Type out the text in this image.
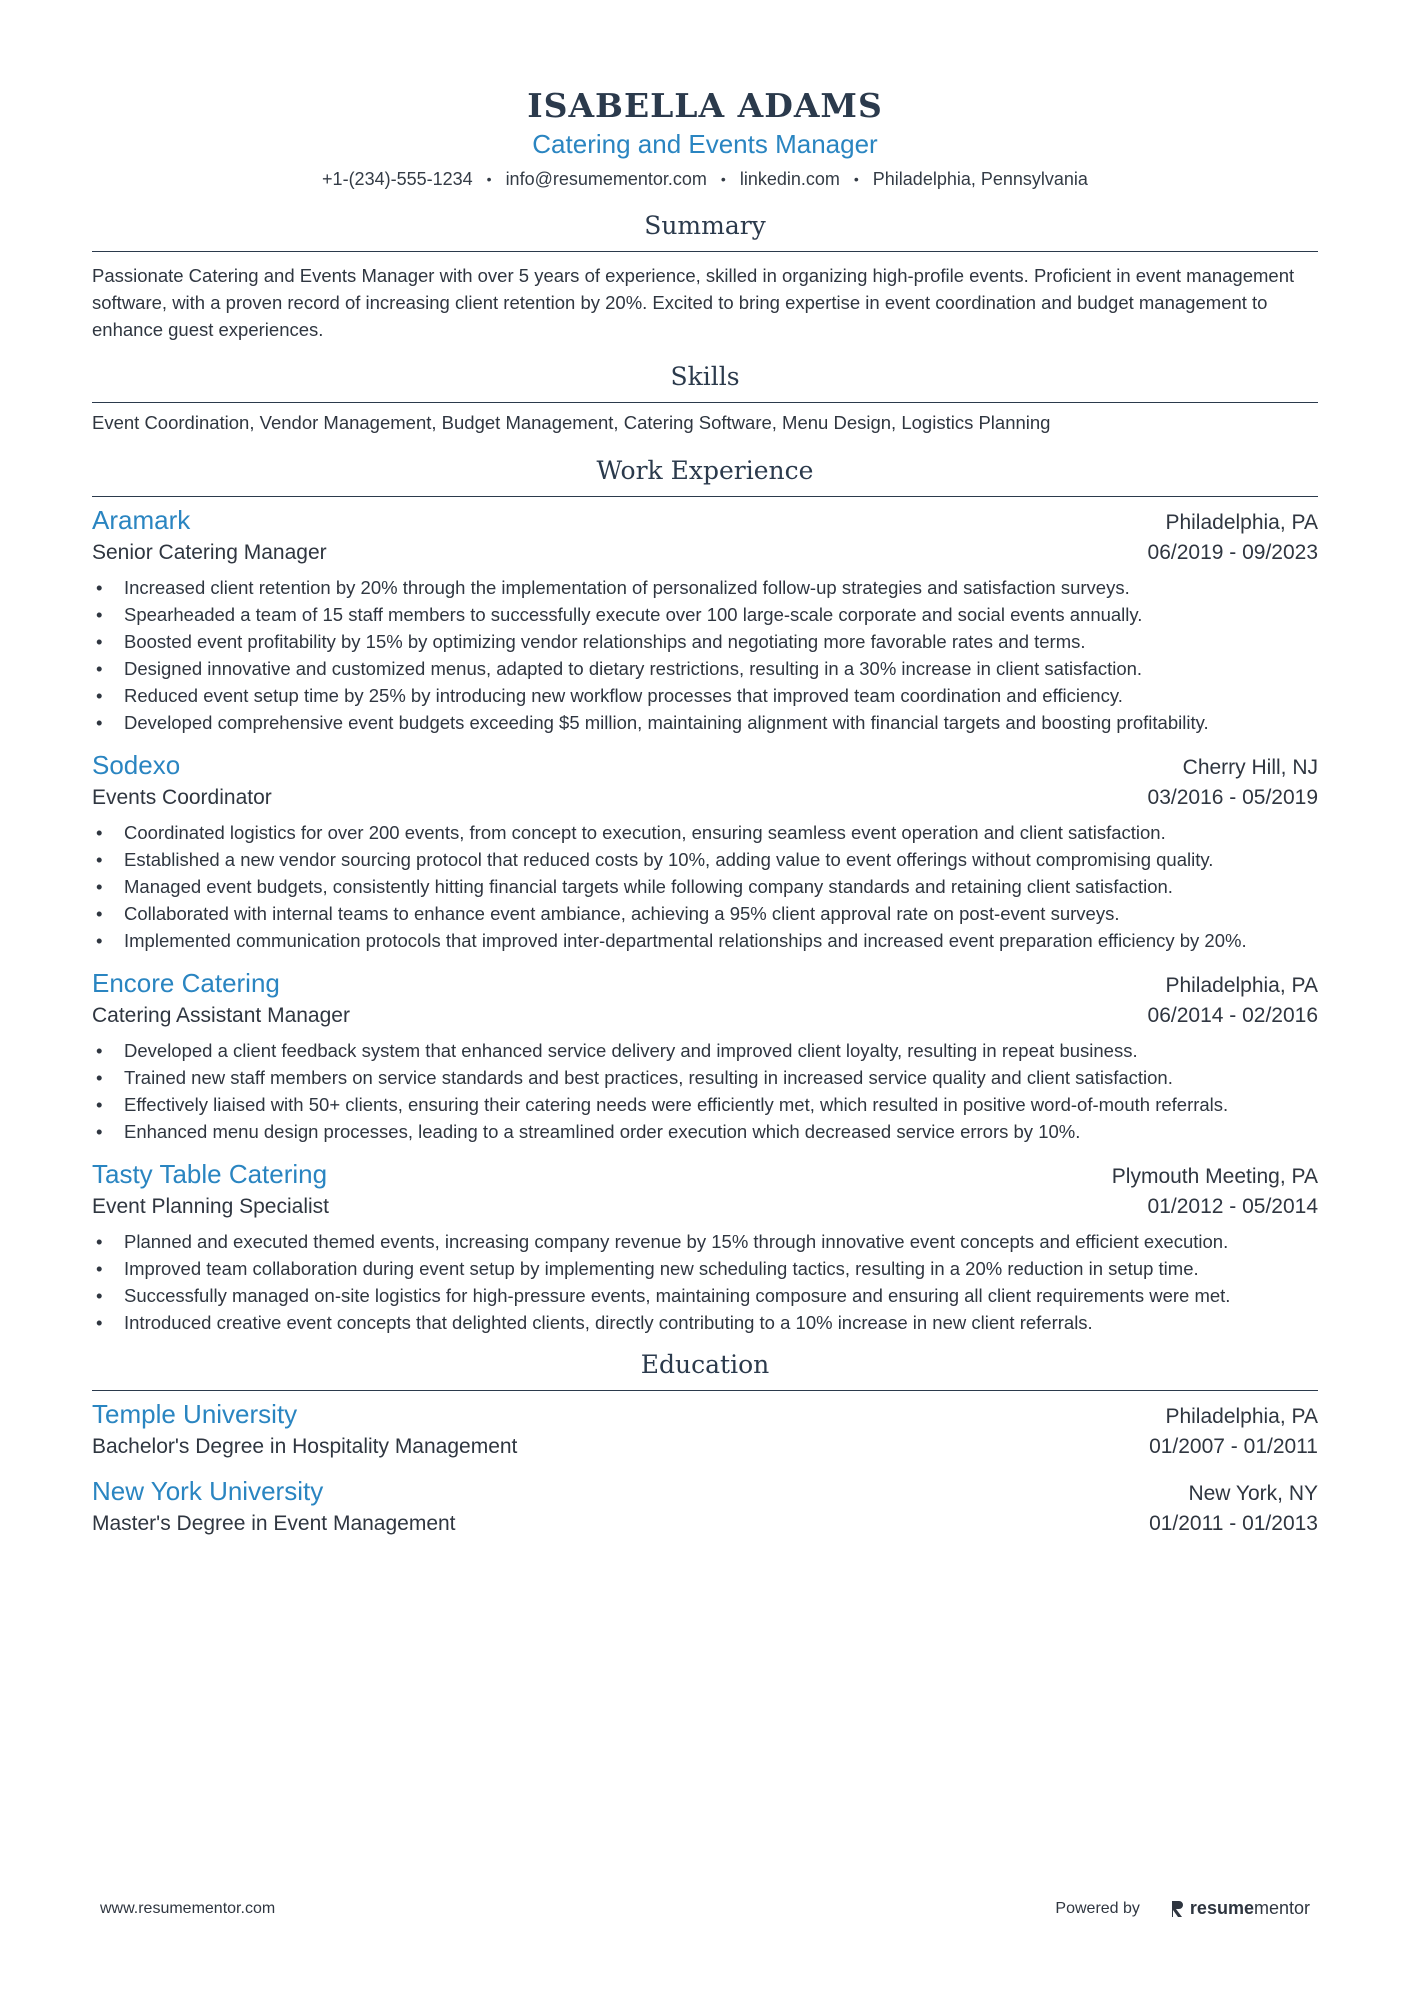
ISABELLA ADAMS
Catering and Events Manager
+1-(234)-555-1234 • info@resumementor.com • linkedin.com • Philadelphia, Pennsylvania
Summary
Passionate Catering and Events Manager with over 5 years of experience, skilled in organizing high-profile events. Proficient in event management software, with a proven record of increasing client retention by 20%. Excited to bring expertise in event coordination and budget management to enhance guest experiences.
Skills
Event Coordination, Vendor Management, Budget Management, Catering Software, Menu Design, Logistics Planning
Work Experience
Aramark	Philadelphia, PA
Senior Catering Manager	06/2019 - 09/2023
• Increased client retention by 20% through the implementation of personalized follow-up strategies and satisfaction surveys.
• Spearheaded a team of 15 staff members to successfully execute over 100 large-scale corporate and social events annually.
• Boosted event profitability by 15% by optimizing vendor relationships and negotiating more favorable rates and terms.
• Designed innovative and customized menus, adapted to dietary restrictions, resulting in a 30% increase in client satisfaction.
• Reduced event setup time by 25% by introducing new workflow processes that improved team coordination and efficiency.
• Developed comprehensive event budgets exceeding $5 million, maintaining alignment with financial targets and boosting profitability.
Sodexo	Cherry Hill, NJ
Events Coordinator	03/2016 - 05/2019
• Coordinated logistics for over 200 events, from concept to execution, ensuring seamless event operation and client satisfaction.
• Established a new vendor sourcing protocol that reduced costs by 10%, adding value to event offerings without compromising quality.
• Managed event budgets, consistently hitting financial targets while following company standards and retaining client satisfaction.
• Collaborated with internal teams to enhance event ambiance, achieving a 95% client approval rate on post-event surveys.
• Implemented communication protocols that improved inter-departmental relationships and increased event preparation efficiency by 20%.
Encore Catering	Philadelphia, PA
Catering Assistant Manager	06/2014 - 02/2016
• Developed a client feedback system that enhanced service delivery and improved client loyalty, resulting in repeat business.
• Trained new staff members on service standards and best practices, resulting in increased service quality and client satisfaction.
• Effectively liaised with 50+ clients, ensuring their catering needs were efficiently met, which resulted in positive word-of-mouth referrals.
• Enhanced menu design processes, leading to a streamlined order execution which decreased service errors by 10%.
Tasty Table Catering	Plymouth Meeting, PA
Event Planning Specialist	01/2012 - 05/2014
• Planned and executed themed events, increasing company revenue by 15% through innovative event concepts and efficient execution.
• Improved team collaboration during event setup by implementing new scheduling tactics, resulting in a 20% reduction in setup time.
• Successfully managed on-site logistics for high-pressure events, maintaining composure and ensuring all client requirements were met.
• Introduced creative event concepts that delighted clients, directly contributing to a 10% increase in new client referrals.
Education
Temple University	Philadelphia, PA
Bachelor's Degree in Hospitality Management	01/2007 - 01/2011
New York University	New York, NY
Master's Degree in Event Management	01/2011 - 01/2013
www.resumementor.com	Powered by	resumementor
